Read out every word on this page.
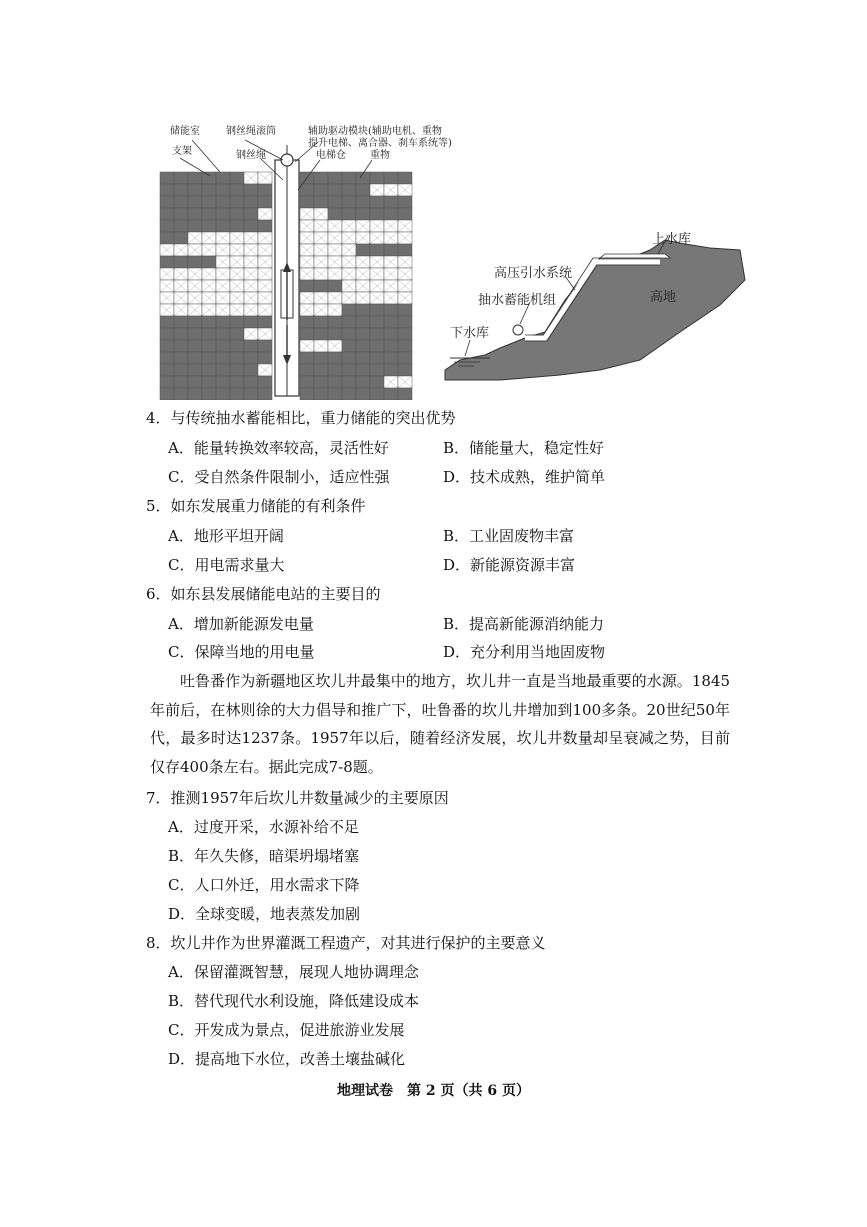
储能室	钢丝绳滚筒	辅助驱动模块(辅助电机、重物
提升电梯、离合器、刹车系统等)
支架	钢丝绳	电梯仓 重物
上水库
高压引水系统
高地
抽水蓄能机组
下水库
4．与传统抽水蓄能相比，重力储能的突出优势
A．能量转换效率较高，灵活性好	B．储能量大，稳定性好
C．受自然条件限制小，适应性强	D．技术成熟，维护简单
5．如东发展重力储能的有利条件
A．地形平坦开阔	B．工业固废物丰富
C．用电需求量大	D．新能源资源丰富
6．如东县发展储能电站的主要目的
A．增加新能源发电量	B．提高新能源消纳能力
C．保障当地的用电量	D．充分利用当地固废物
吐鲁番作为新疆地区坎儿井最集中的地方，坎儿井一直是当地最重要的水源。1845年前后，在林则徐的大力倡导和推广下，吐鲁番的坎儿井增加到100多条。20世纪50年代，最多时达1237条。1957年以后，随着经济发展，坎儿井数量却呈衰减之势，目前仅存400条左右。据此完成7-8题。
7．推测1957年后坎儿井数量减少的主要原因
A．过度开采，水源补给不足
B．年久失修，暗渠坍塌堵塞
C．人口外迁，用水需求下降
D．全球变暖，地表蒸发加剧
8．坎儿井作为世界灌溉工程遗产，对其进行保护的主要意义
A．保留灌溉智慧，展现人地协调理念
B．替代现代水利设施，降低建设成本
C．开发成为景点，促进旅游业发展
D．提高地下水位，改善土壤盐碱化
地理试卷　第 2 页（共 6 页）
